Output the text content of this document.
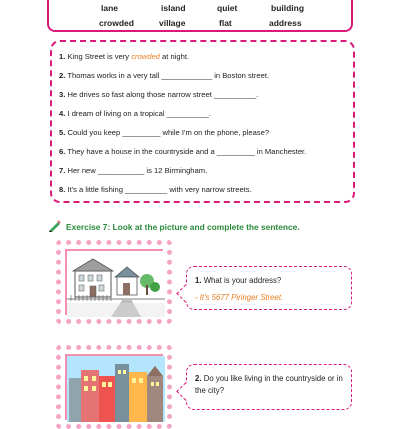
lane	island	quiet	building
crowded	village	flat	address
1. King Street is very crowded at night.
2. Thomas works in a very tall ____________ in Boston street.
3. He drives so fast along those narrow street __________.
4. I dream of living on a tropical __________.
5. Could you keep _________ while I'm on the phone, please?
6. They have a house in the countryside and a _________ in Manchester.
7. Her new ___________ is 12 Birmingham.
8. It's a little fishing __________ with very narrow streets.
Exercise 7: Look at the picture and complete the sentence.
1. What is your address?
- It's 5677 Piringer Street.
2. Do you like living in the countryside or in the city?
